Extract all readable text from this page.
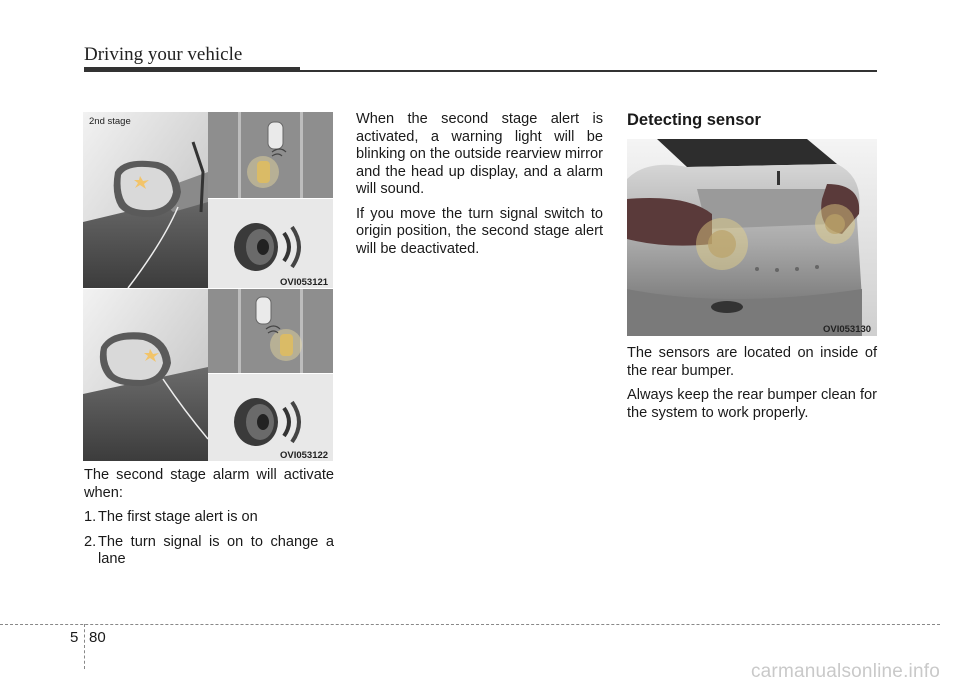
Driving your vehicle
2nd stage
OVI053121
OVI053122

The second stage alarm will activate when:

1. The first stage alert is on
2. The turn signal is on to change a lane

When the second stage alert is activated, a warning light will be blinking on the outside rearview mirror and the head up display, and a alarm will sound.

If you move the turn signal switch to origin position, the second stage alert will be deactivated.

Detecting sensor
OVI053130

The sensors are located on inside of the rear bumper.

Always keep the rear bumper clean for the system to work properly.

5 80
carmanualsonline.info
